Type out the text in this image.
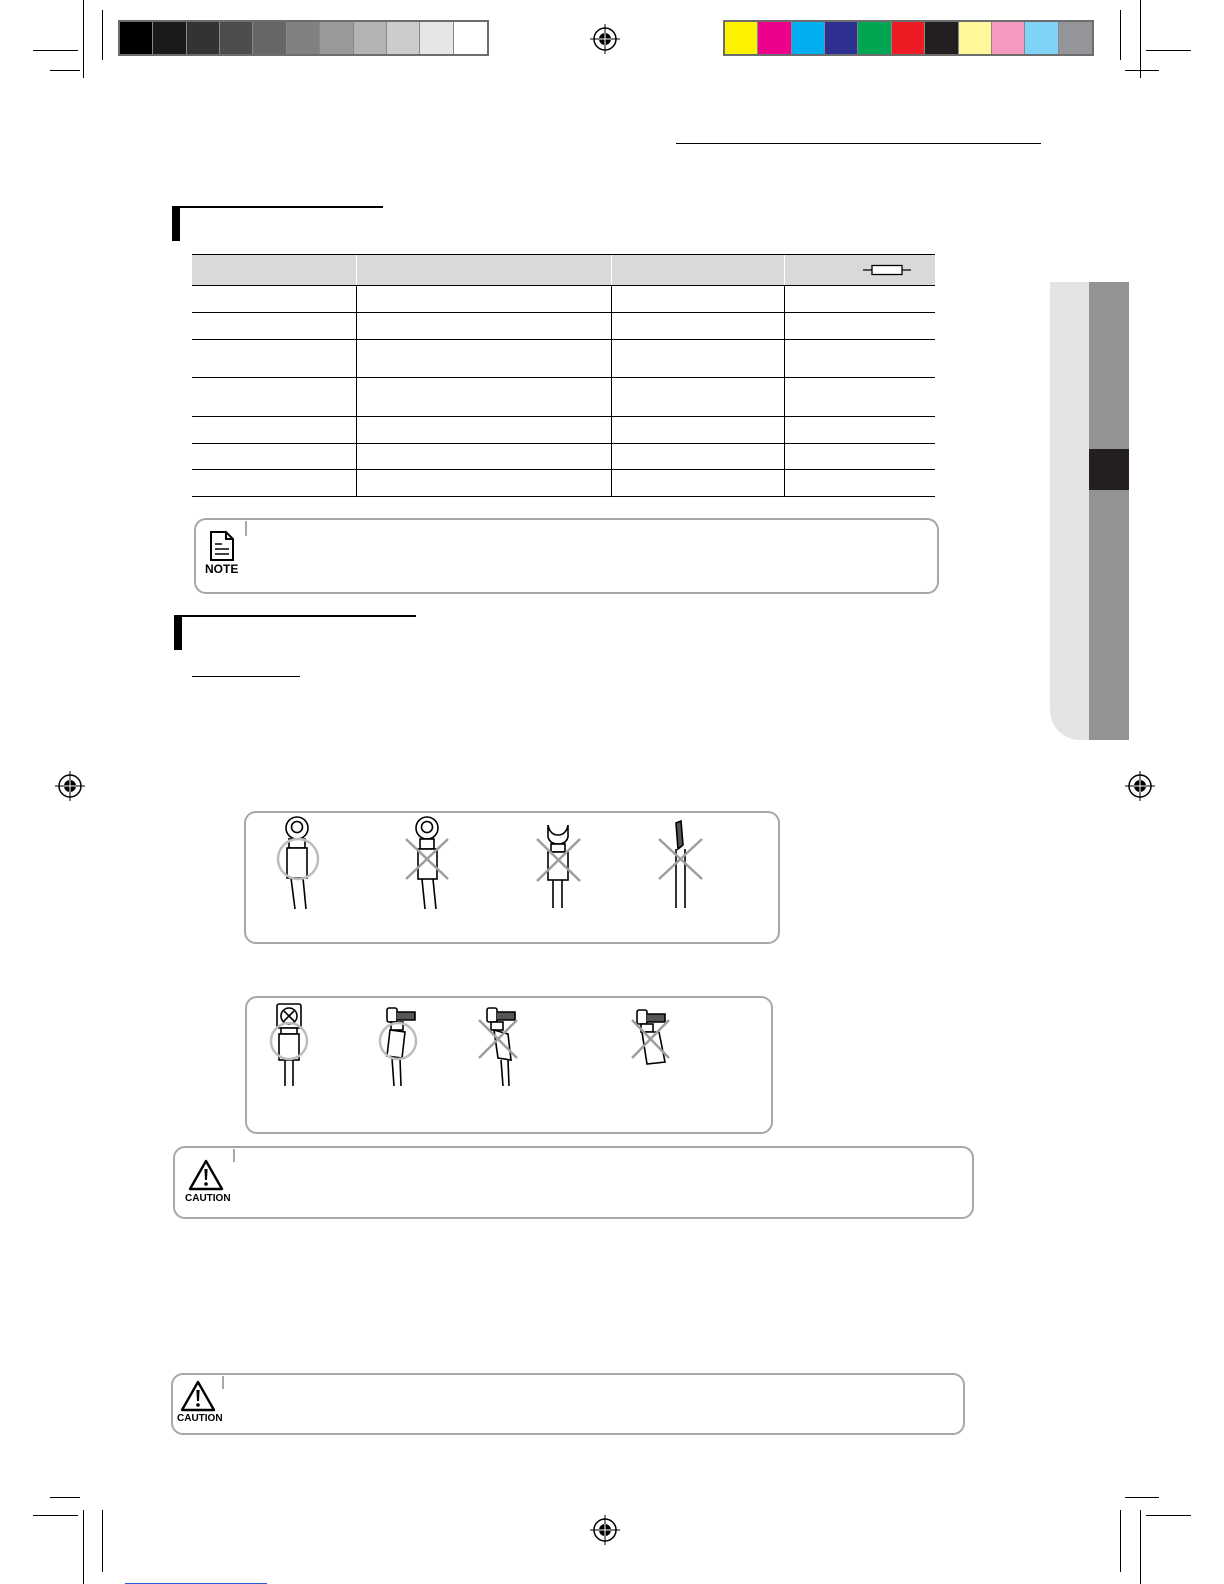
NOTE
CAUTION
CAUTION
